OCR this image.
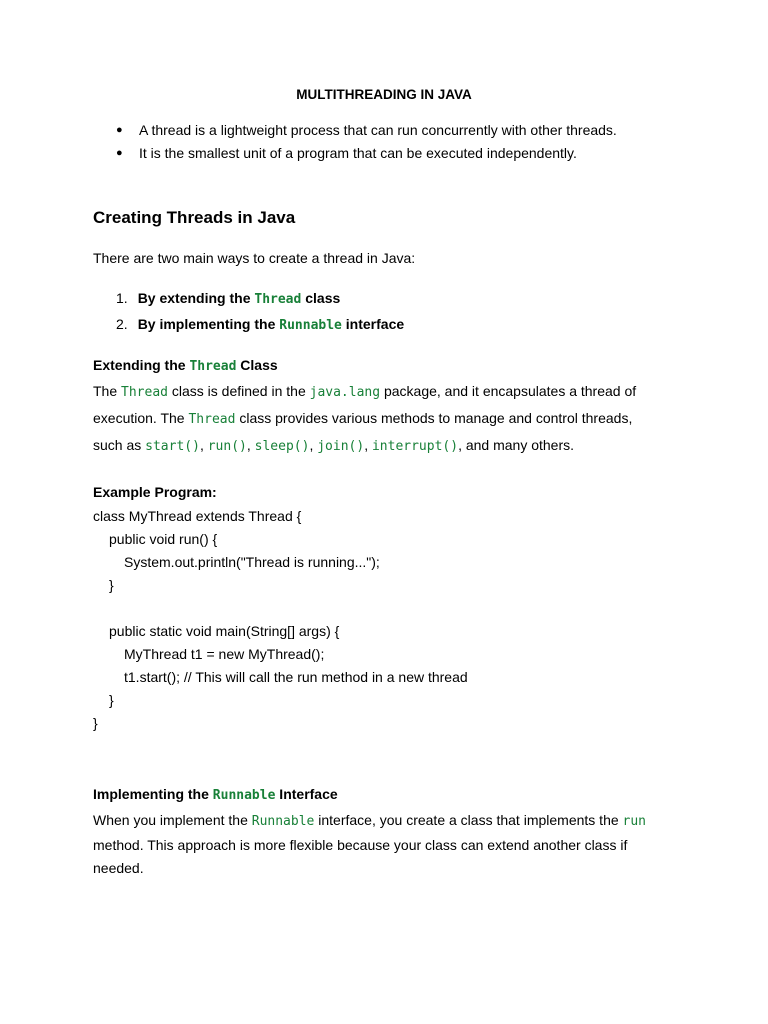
MULTITHREADING IN JAVA
● A thread is a lightweight process that can run concurrently with other threads.
● It is the smallest unit of a program that can be executed independently.
Creating Threads in Java
There are two main ways to create a thread in Java:
1. By extending the Thread class
2. By implementing the Runnable interface
Extending the Thread Class
The Thread class is defined in the java.lang package, and it encapsulates a thread of
execution. The Thread class provides various methods to manage and control threads,
such as start(), run(), sleep(), join(), interrupt(), and many others.
Example Program:
class MyThread extends Thread {
public void run() {
System.out.println("Thread is running...");
}
public static void main(String[] args) {
MyThread t1 = new MyThread();
t1.start(); // This will call the run method in a new thread
}
}
Implementing the Runnable Interface
When you implement the Runnable interface, you create a class that implements the run
method. This approach is more flexible because your class can extend another class if
needed.
